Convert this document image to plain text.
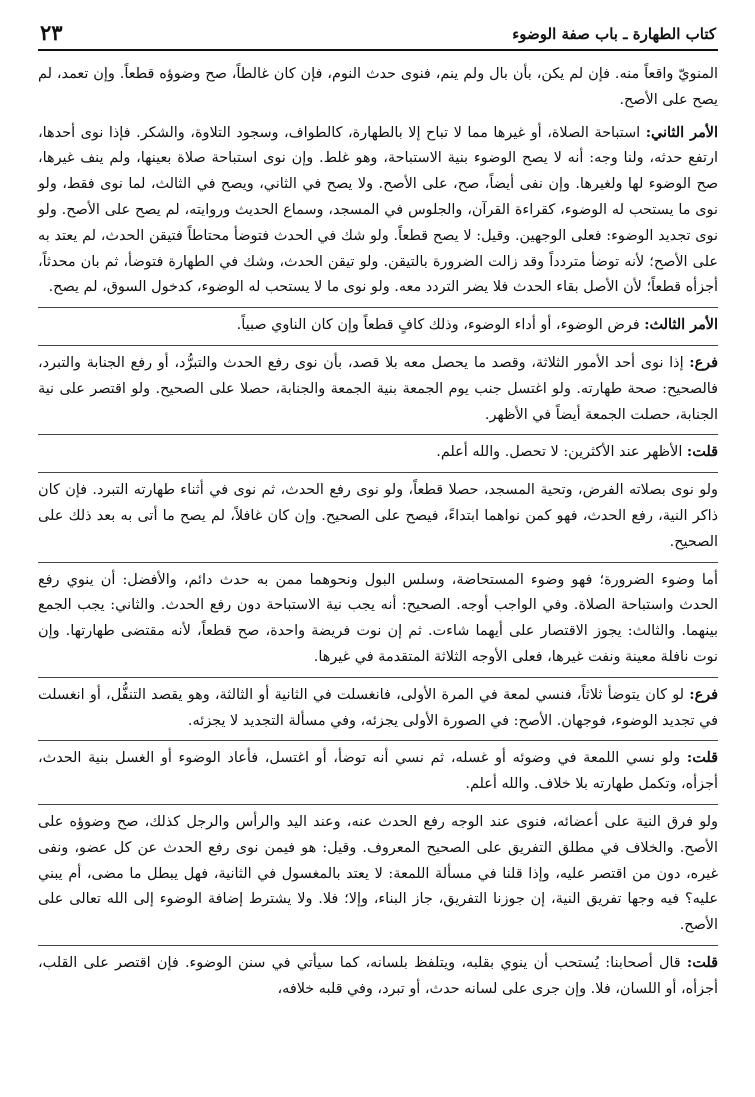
كتاب الطهارة ـ باب صفة الوضوء
٢٣

المنويّ واقعاً منه. فإن لم يكن، بأن بال ولم ينم، فنوى حدث النوم، فإن كان غالطاً، صح وضوؤه قطعاً. وإن تعمد، لم يصح على الأصح.

الأمر الثاني: استباحة الصلاة، أو غيرها مما لا تباح إلا بالطهارة، كالطواف، وسجود التلاوة، والشكر. فإذا نوى أحدها، ارتفع حدثه، ولنا وجه: أنه لا يصح الوضوء بنية الاستباحة، وهو غلط. وإن نوى استباحة صلاة بعينها، ولم ينف غيرها، صح الوضوء لها ولغيرها. وإن نفى أيضاً، صح، على الأصح. ولا يصح في الثاني، ويصح في الثالث، لما نوى فقط، ولو نوى ما يستحب له الوضوء، كقراءة القرآن، والجلوس في المسجد، وسماع الحديث وروايته، لم يصح على الأصح. ولو نوى تجديد الوضوء: فعلى الوجهين. وقيل: لا يصح قطعاً. ولو شك في الحدث فتوضأ محتاطاً فتيقن الحدث، لم يعتد به على الأصح؛ لأنه توضأ متردداً وقد زالت الضرورة بالتيقن. ولو تيقن الحدث، وشك في الطهارة فتوضأ، ثم بان محدثاً، أجزأه قطعاً؛ لأن الأصل بقاء الحدث فلا يضر التردد معه. ولو نوى ما لا يستحب له الوضوء، كدخول السوق، لم يصح.

الأمر الثالث: فرض الوضوء، أو أداء الوضوء، وذلك كافٍ قطعاً وإن كان الناوي صبياً.

فرع: إذا نوى أحد الأمور الثلاثة، وقصد ما يحصل معه بلا قصد، بأن نوى رفع الحدث والتبرُّد، أو رفع الجنابة والتبرد، فالصحيح: صحة طهارته. ولو اغتسل جنب يوم الجمعة بنية الجمعة والجنابة، حصلا على الصحيح. ولو اقتصر على نية الجنابة، حصلت الجمعة أيضاً في الأظهر.

قلت: الأظهر عند الأكثرين: لا تحصل. والله أعلم.

ولو نوى بصلاته الفرض، وتحية المسجد، حصلا قطعاً، ولو نوى رفع الحدث، ثم نوى في أثناء طهارته التبرد. فإن كان ذاكر النية، رفع الحدث، فهو كمن نواهما ابتداءً، فيصح على الصحيح. وإن كان غافلاً، لم يصح ما أتى به بعد ذلك على الصحيح.

أما وضوء الضرورة؛ فهو وضوء المستحاضة، وسلس البول ونحوهما ممن به حدث دائم، والأفضل: أن ينوي رفع الحدث واستباحة الصلاة. وفي الواجب أوجه. الصحيح: أنه يجب نية الاستباحة دون رفع الحدث. والثاني: يجب الجمع بينهما. والثالث: يجوز الاقتصار على أيهما شاءت. ثم إن نوت فريضة واحدة، صح قطعاً، لأنه مقتضى طهارتها. وإن نوت نافلة معينة ونفت غيرها، فعلى الأوجه الثلاثة المتقدمة في غيرها.

فرع: لو كان يتوضأ ثلاثاً، فنسي لمعة في المرة الأولى، فانغسلت في الثانية أو الثالثة، وهو يقصد التنفُّل، أو انغسلت في تجديد الوضوء، فوجهان. الأصح: في الصورة الأولى يجزئه، وفي مسألة التجديد لا يجزئه.

قلت: ولو نسي اللمعة في وضوئه أو غسله، ثم نسي أنه توضأ، أو اغتسل، فأعاد الوضوء أو الغسل بنية الحدث، أجزأه، وتكمل طهارته بلا خلاف. والله أعلم.

ولو فرق النية على أعضائه، فنوى عند الوجه رفع الحدث عنه، وعند اليد والرأس والرجل كذلك، صح وضوؤه على الأصح. والخلاف في مطلق التفريق على الصحيح المعروف. وقيل: هو فيمن نوى رفع الحدث عن كل عضو، ونفى غيره، دون من اقتصر عليه، وإذا قلنا في مسألة اللمعة: لا يعتد بالمغسول في الثانية، فهل يبطل ما مضى، أم يبني عليه؟ فيه وجها تفريق النية، إن جوزنا التفريق، جاز البناء، وإلا؛ فلا. ولا يشترط إضافة الوضوء إلى الله تعالى على الأصح.

قلت: قال أصحابنا: يُستحب أن ينوي بقلبه، ويتلفظ بلسانه، كما سيأتي في سنن الوضوء. فإن اقتصر على القلب، أجزأه، أو اللسان، فلا. وإن جرى على لسانه حدث، أو تبرد، وفي قلبه خلافه،
